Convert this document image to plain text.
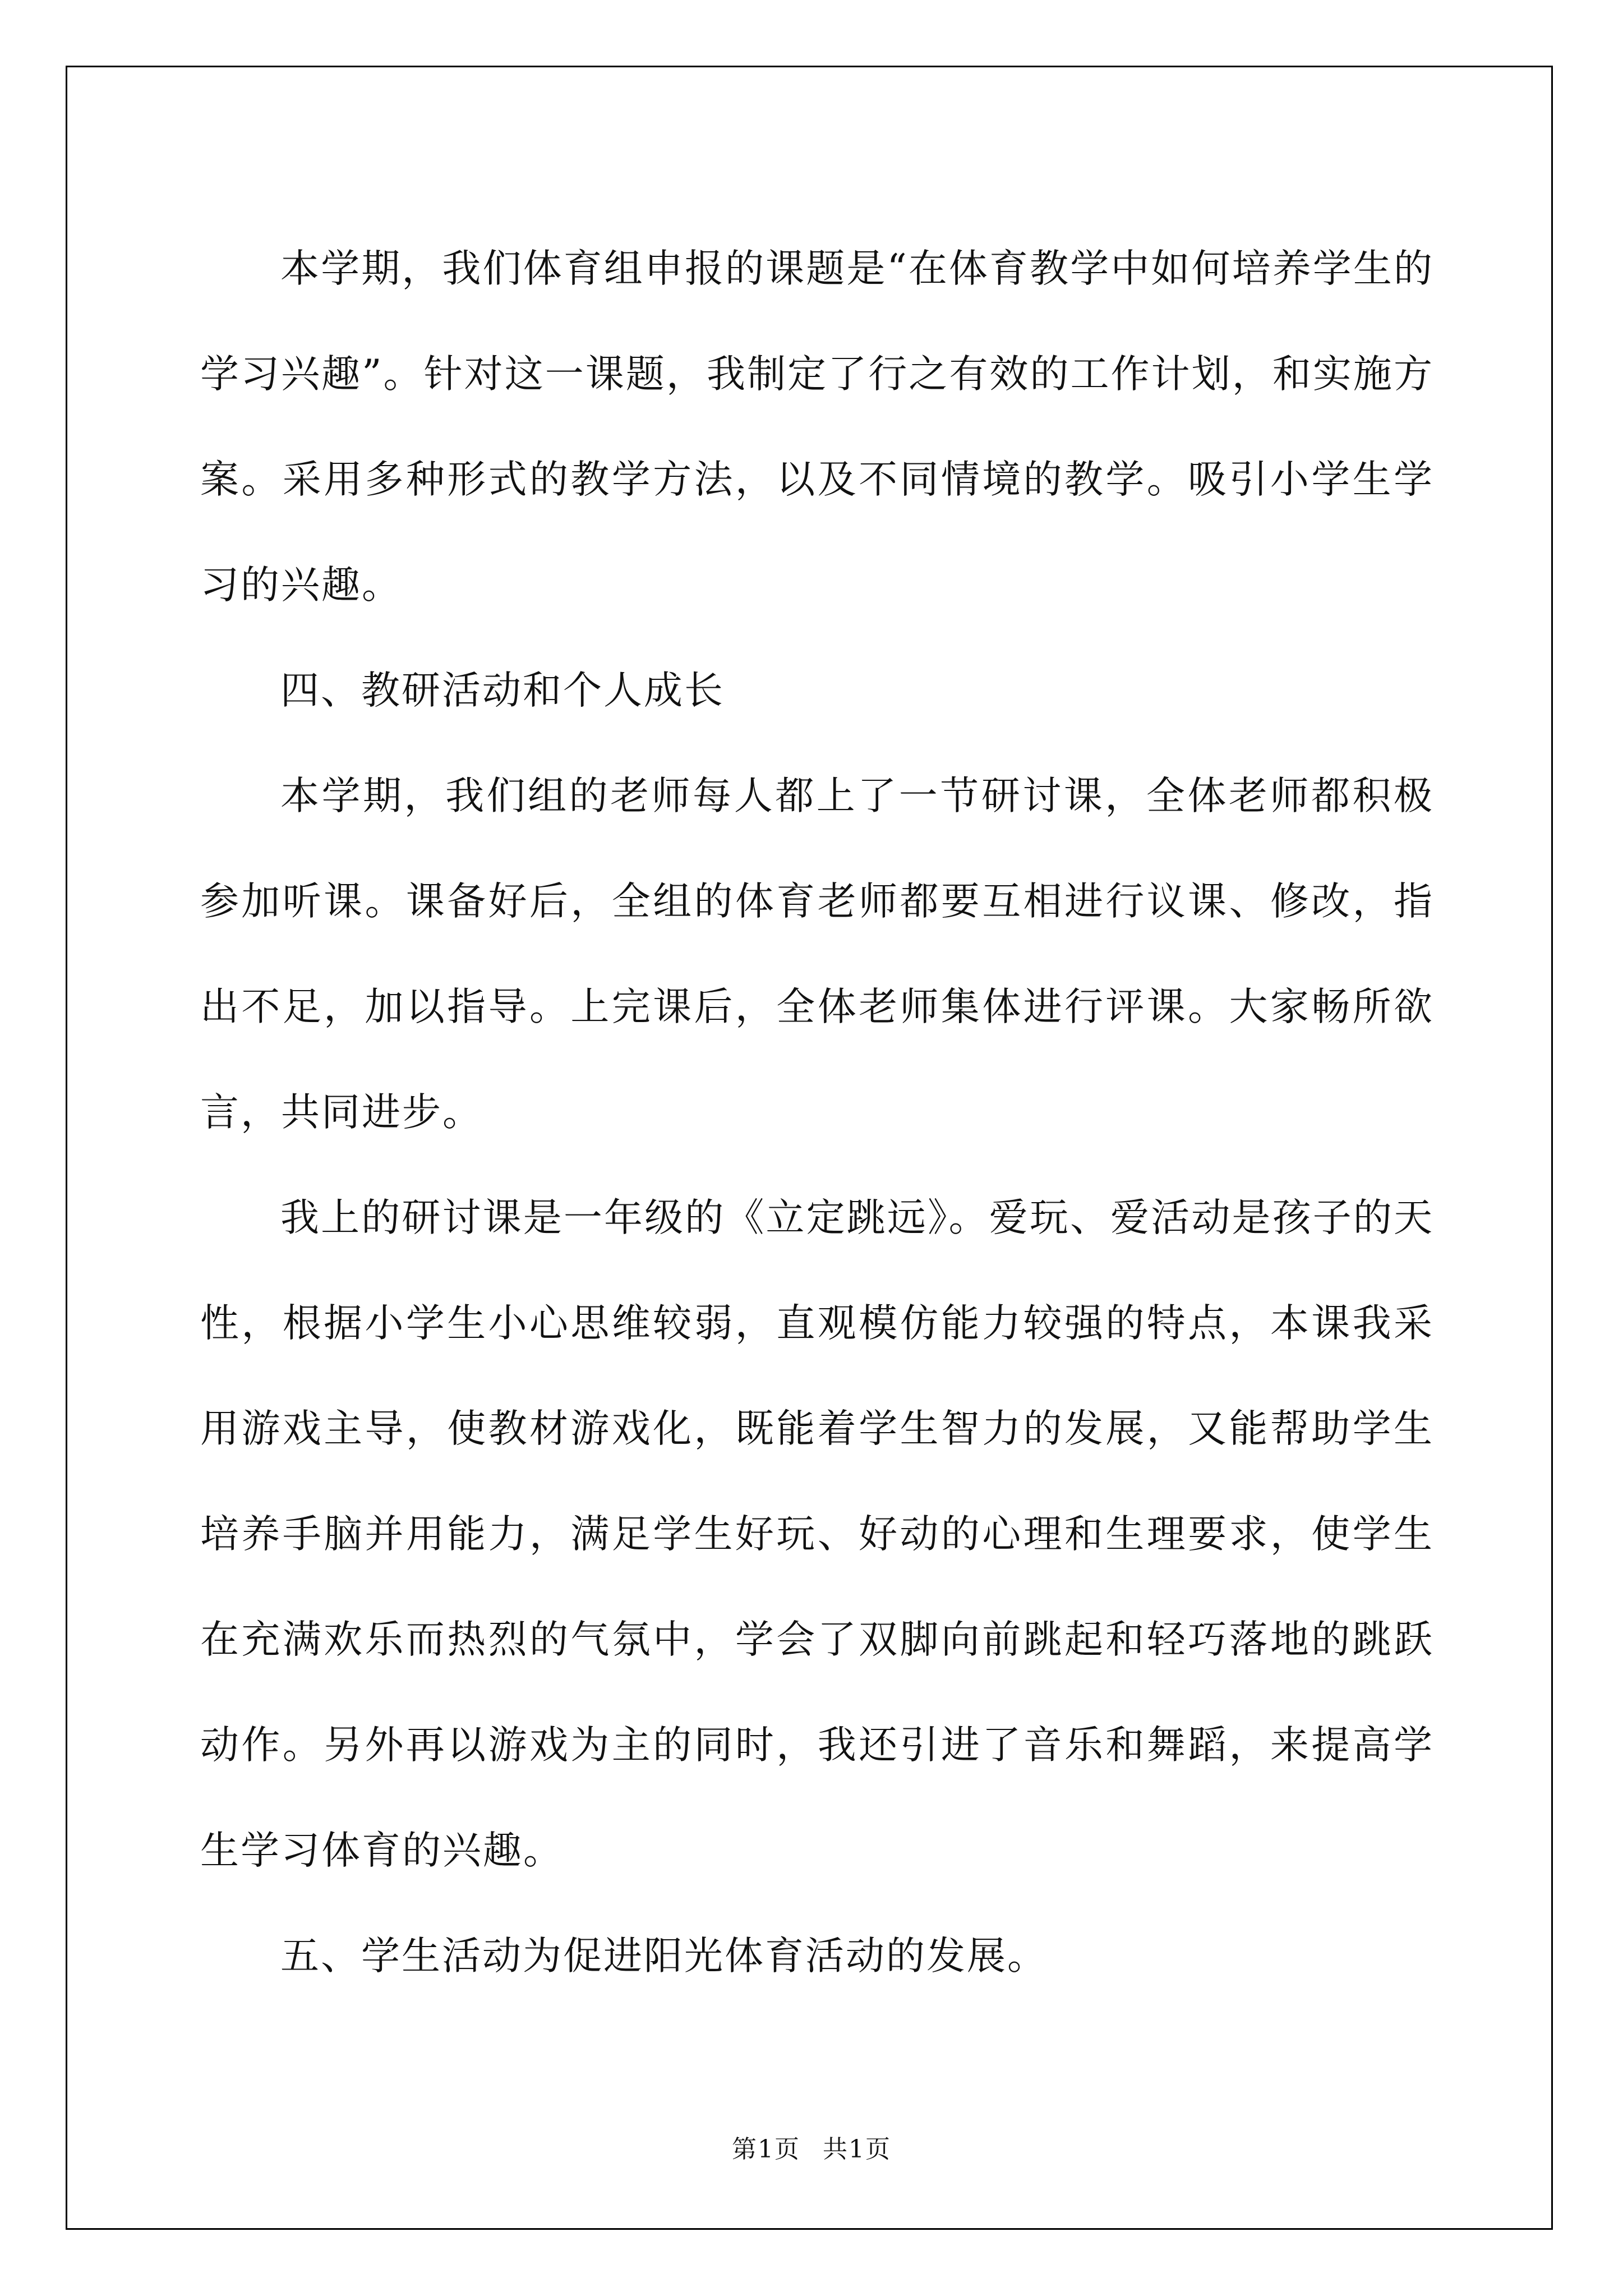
本学期，我们体育组申报的课题是“在体育教学中如何培养学生的学习兴趣”。针对这一课题，我制定了行之有效的工作计划，和实施方案。采用多种形式的教学方法，以及不同情境的教学。吸引小学生学习的兴趣。

四、教研活动和个人成长

本学期，我们组的老师每人都上了一节研讨课，全体老师都积极参加听课。课备好后，全组的体育老师都要互相进行议课、修改，指出不足，加以指导。上完课后，全体老师集体进行评课。大家畅所欲言，共同进步。

我上的研讨课是一年级的《立定跳远》。爱玩、爱活动是孩子的天性，根据小学生小心思维较弱，直观模仿能力较强的特点，本课我采用游戏主导，使教材游戏化，既能着学生智力的发展，又能帮助学生培养手脑并用能力，满足学生好玩、好动的心理和生理要求，使学生在充满欢乐而热烈的气氛中，学会了双脚向前跳起和轻巧落地的跳跃动作。另外再以游戏为主的同时，我还引进了音乐和舞蹈，来提高学生学习体育的兴趣。

五、学生活动为促进阳光体育活动的发展。

第1页 共1页
